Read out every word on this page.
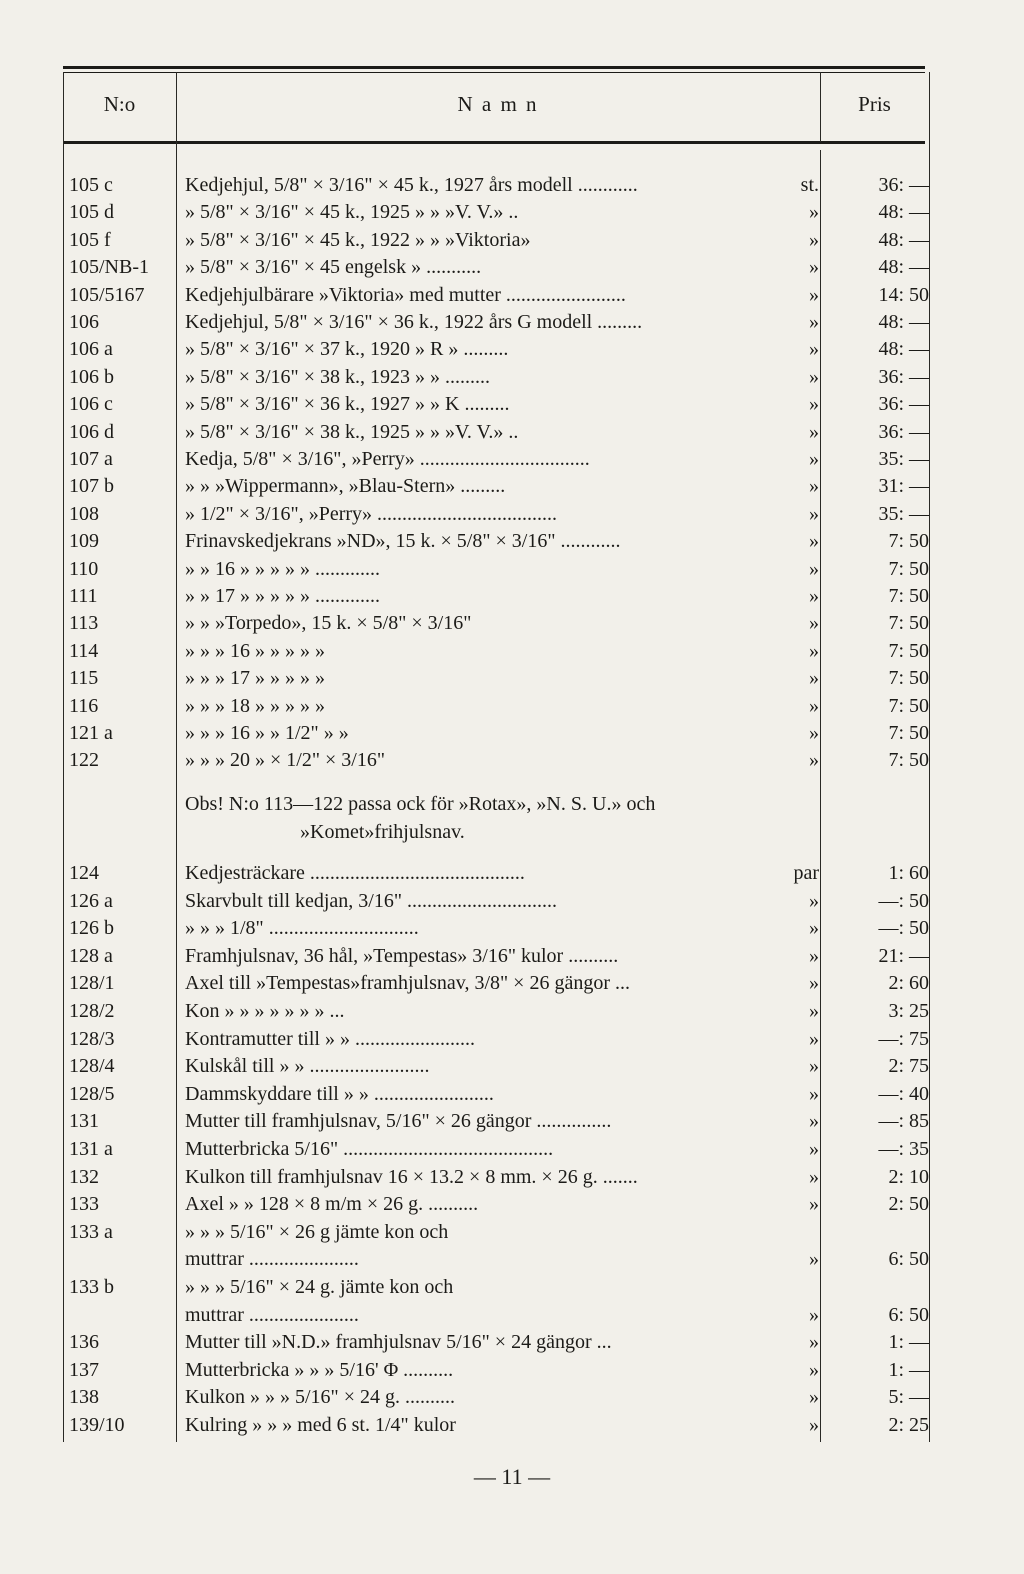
N:o	N a m n	Pris
105 c	Kedjehjul, 5/8" × 3/16" × 45 k., 1927 års modell ............	st.	36: —
105 d	» 5/8" × 3/16" × 45 k., 1925 » » »V. V.» ..	»	48: —
105 f	» 5/8" × 3/16" × 45 k., 1922 » » »Viktoria»	»	48: —
105/NB-1	» 5/8" × 3/16" × 45 engelsk » ...........	»	48: —
105/5167	Kedjehjulbärare »Viktoria» med mutter ........................	»	14: 50
106	Kedjehjul, 5/8" × 3/16" × 36 k., 1922 års G modell .........	»	48: —
106 a	» 5/8" × 3/16" × 37 k., 1920 » R » .........	»	48: —
106 b	» 5/8" × 3/16" × 38 k., 1923 » » .........	»	36: —
106 c	» 5/8" × 3/16" × 36 k., 1927 » » K .........	»	36: —
106 d	» 5/8" × 3/16" × 38 k., 1925 » » »V. V.» ..	»	36: —
107 a	Kedja, 5/8" × 3/16", »Perry» ..................................	»	35: —
107 b	» » »Wippermann», »Blau-Stern» .........	»	31: —
108	» 1/2" × 3/16", »Perry» ....................................	»	35: —
109	Frinavskedjekrans »ND», 15 k. × 5/8" × 3/16" ............	»	7: 50
110	» » 16 » » » » » .............	»	7: 50
111	» » 17 » » » » » .............	»	7: 50
113	» » »Torpedo», 15 k. × 5/8" × 3/16"	»	7: 50
114	» » » 16 » » » » »	»	7: 50
115	» » » 17 » » » » »	»	7: 50
116	» » » 18 » » » » »	»	7: 50
121 a	» » » 16 » » 1/2" » »	»	7: 50
122	» » » 20 » × 1/2" × 3/16"	»	7: 50
Obs! N:o 113—122 passa ock för »Rotax», »N. S. U.» och
»Komet»frihjulsnav.
124	Kedjesträckare ...........................................	par	1: 60
126 a	Skarvbult till kedjan, 3/16" ..............................	»	—: 50
126 b	» » » 1/8" ..............................	»	—: 50
128 a	Framhjulsnav, 36 hål, »Tempestas» 3/16" kulor ..........	»	21: —
128/1	Axel till »Tempestas»framhjulsnav, 3/8" × 26 gängor ...	»	2: 60
128/2	Kon » » » » » » » ...	»	3: 25
128/3	Kontramutter till » » ........................	»	—: 75
128/4	Kulskål till » » ........................	»	2: 75
128/5	Dammskyddare till » » ........................	»	—: 40
131	Mutter till framhjulsnav, 5/16" × 26 gängor ...............	»	—: 85
131 a	Mutterbricka 5/16" ..........................................	»	—: 35
132	Kulkon till framhjulsnav 16 × 13.2 × 8 mm. × 26 g. .......	»	2: 10
133	Axel » » 128 × 8 m/m × 26 g. ..........	»	2: 50
133 a	» » » 5/16" × 26 g jämte kon och
muttrar ......................	»	6: 50
133 b	» » » 5/16" × 24 g. jämte kon och
muttrar ......................	»	6: 50
136	Mutter till »N.D.» framhjulsnav 5/16" × 24 gängor ...	»	1: —
137	Mutterbricka » » » 5/16' Φ ..........	»	1: —
138	Kulkon » » » 5/16" × 24 g. ..........	»	5: —
139/10	Kulring » » » med 6 st. 1/4" kulor	»	2: 25
— 11 —
